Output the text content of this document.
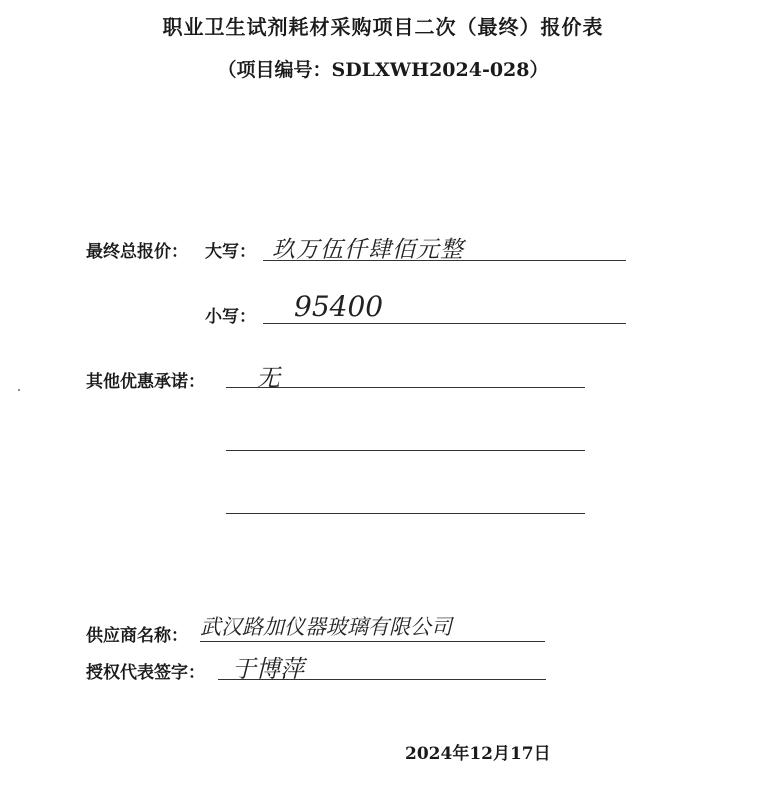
职业卫生试剂耗材采购项目二次（最终）报价表
（项目编号：SDLXWH2024-028）
最终总报价： 大写： 玖万伍仟肆佰元整
小写： 95400
其他优惠承诺： 无
供应商名称： 武汉路加仪器玻璃有限公司
授权代表签字： 于博萍
2024年12月17日
